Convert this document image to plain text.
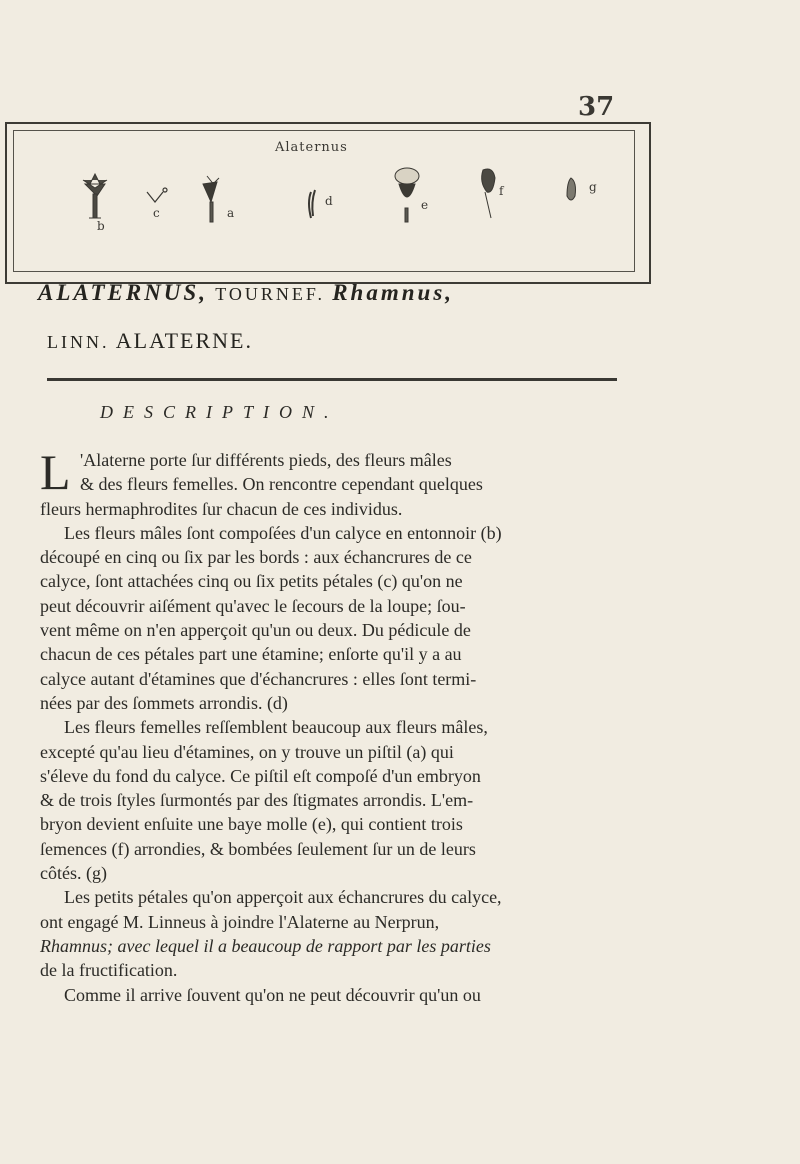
37
Alaternus
b
c	a
d	e
f	g
ALATERNUS, TOURNEF. Rhamnus,
LINN. ALATERNE.
DESCRIPTION.
L 'Alaterne porte ſur différents pieds, des fleurs mâles
& des fleurs femelles. On rencontre cependant quelques
fleurs hermaphrodites ſur chacun de ces individus.
Les fleurs mâles ſont compoſées d'un calyce en entonnoir (b)
découpé en cinq ou ſix par les bords : aux échancrures de ce
calyce, ſont attachées cinq ou ſix petits pétales (c) qu'on ne
peut découvrir aiſément qu'avec le ſecours de la loupe; ſou-
vent même on n'en apperçoit qu'un ou deux. Du pédicule de
chacun de ces pétales part une étamine; enſorte qu'il y a au
calyce autant d'étamines que d'échancrures : elles ſont termi-
nées par des ſommets arrondis. (d)
Les fleurs femelles reſſemblent beaucoup aux fleurs mâles,
excepté qu'au lieu d'étamines, on y trouve un piſtil (a) qui
s'éleve du fond du calyce. Ce piſtil eſt compoſé d'un embryon
& de trois ſtyles ſurmontés par des ſtigmates arrondis. L'em-
bryon devient enſuite une baye molle (e), qui contient trois
ſemences (f) arrondies, & bombées ſeulement ſur un de leurs
côtés. (g)
Les petits pétales qu'on apperçoit aux échancrures du calyce,
ont engagé M. Linneus à joindre l'Alaterne au Nerprun,
Rhamnus; avec lequel il a beaucoup de rapport par les parties
de la fructification.
Comme il arrive ſouvent qu'on ne peut découvrir qu'un ou
